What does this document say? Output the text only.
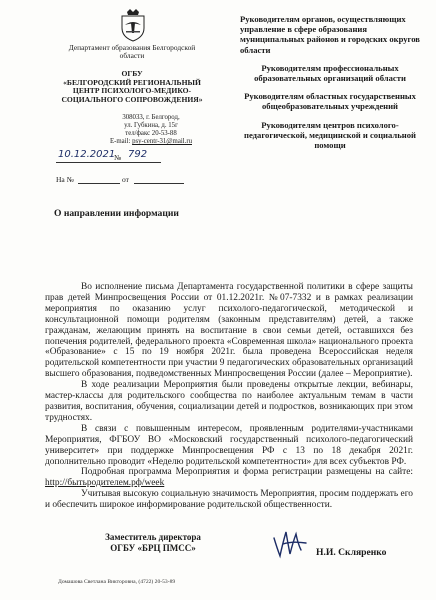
Департамент образования Белгородской области
ОГБУ
«БЕЛГОРОДСКИЙ РЕГИОНАЛЬНЫЙ ЦЕНТР ПСИХОЛОГО-МЕДИКО-СОЦИАЛЬНОГО СОПРОВОЖДЕНИЯ»
308033, г. Белгород,
ул. Губкина, д. 15г
тел/факс 20-53-88
E-mail: psy-centr-31@mail.ru
10.12.2021
№ 792
На №	от
О направлении информации

Руководителям органов, осуществляющих управление в сфере образования муниципальных районов и городских округов области

Руководителям профессиональных образовательных организаций области

Руководителям областных государственных общеобразовательных учреждений

Руководителям центров психолого-педагогической, медицинской и социальной помощи

Во исполнение письма Департамента государственной политики в сфере защиты прав детей Минпросвещения России от 01.12.2021г. №07-7332 и в рамках реализации мероприятия по оказанию услуг психолого-педагогической, методической и консультационной помощи родителям (законным представителям) детей, а также гражданам, желающим принять на воспитание в свои семьи детей, оставшихся без попечения родителей, федерального проекта «Современная школа» национального проекта «Образование» с 15 по 19 ноября 2021г. была проведена Всероссийская неделя родительской компетентности при участии 9 педагогических образовательных организаций высшего образования, подведомственных Минпросвещения России (далее – Мероприятие).

В ходе реализации Мероприятия были проведены открытые лекции, вебинары, мастер-классы для родительского сообщества по наиболее актуальным темам в части развития, воспитания, обучения, социализации детей и подростков, возникающих при этом трудностях.

В связи с повышенным интересом, проявленным родителями-участниками Мероприятия, ФГБОУ ВО «Московский государственный психолого-педагогический университет» при поддержке Минпросвещения РФ с 13 по 18 декабря 2021г. дополнительно проводит «Неделю родительской компетентности» для всех субъектов РФ.

Подробная программа Мероприятия и форма регистрации размещены на сайте: http://бытьродителем.рф/week

Учитывая высокую социальную значимость Мероприятия, просим поддержать его и обеспечить широкое информирование родительской общественности.

Заместитель директора ОГБУ «БРЦ ПМСС»	Н.И. Скляренко
Домашова Светлана Викторовна, (4722) 20-53-89
